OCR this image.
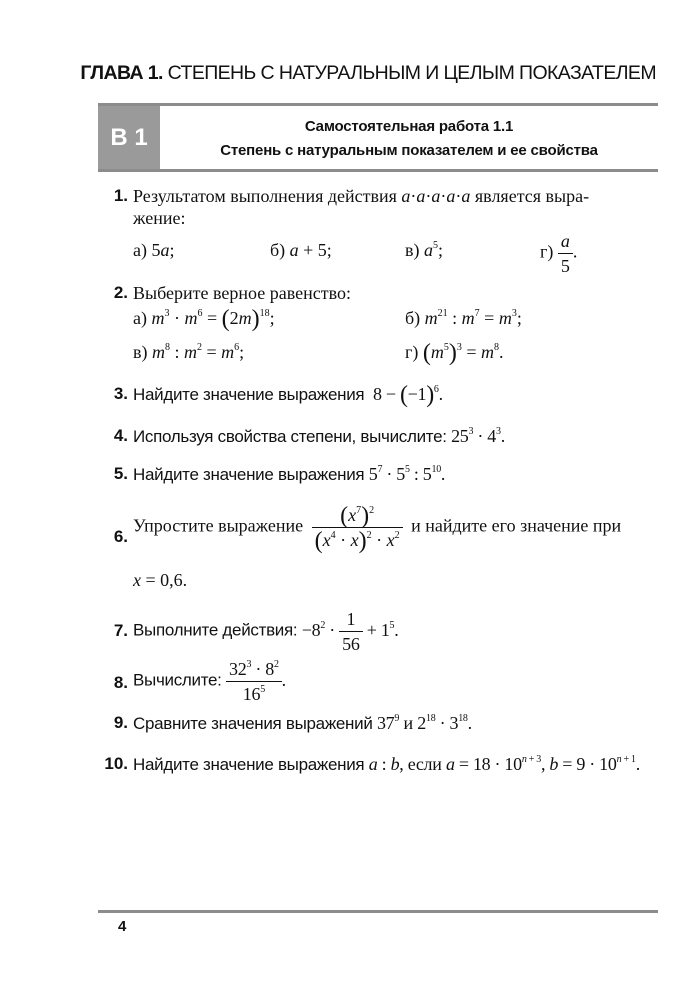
ГЛАВА 1. СТЕПЕНЬ С НАТУРАЛЬНЫМ И ЦЕЛЫМ ПОКАЗАТЕЛЕМ
В 1	Самостоятельная работа 1.1
Степень с натуральным показателем и ее свойства
1. Результатом выполнения действия a·a·a·a·a является выра-
жение:
а) 5a;	б) a + 5;	в) $a^5$;	$г) \frac{a}{5}$ .
2. Выберите верное равенство:
а) $m^3 \cdot m^6 = (2m)^{18}$;	б) $m^{21}$ : $m^7 = m^3$;
в) $m^8$ : $m^2 = m^6$;	г) $(m^5)^3 = m^8$.
3. Найдите значение выражения  $8 - (-1)^6$.
4. Используя свойства степени, вычислите: $25^3 \cdot 4^3$.
5. Найдите значение выражения $5^7 \cdot 5^5$ : $5^{10}$.
6.
Упростите выражение $\frac{(x^7)^2}{(x^4 \cdot x)^2 \cdot x^2}$ и найдите его значение при
x = 0,6.
7. Выполните действия: $-8^2 \cdot \frac{1}{56} + 1^5$.
8. Вычислите: $\frac{32^3 \cdot 8^2}{16^5}$ .
9. Сравните значения выражений $37^9$ и $2^{18} \cdot 3^{18}$.
10. Найдите значение выражения a : b, если $a = 18 \cdot 10^{n + 3}$, $b = 9 \cdot 10^{n + 1}$.
4
